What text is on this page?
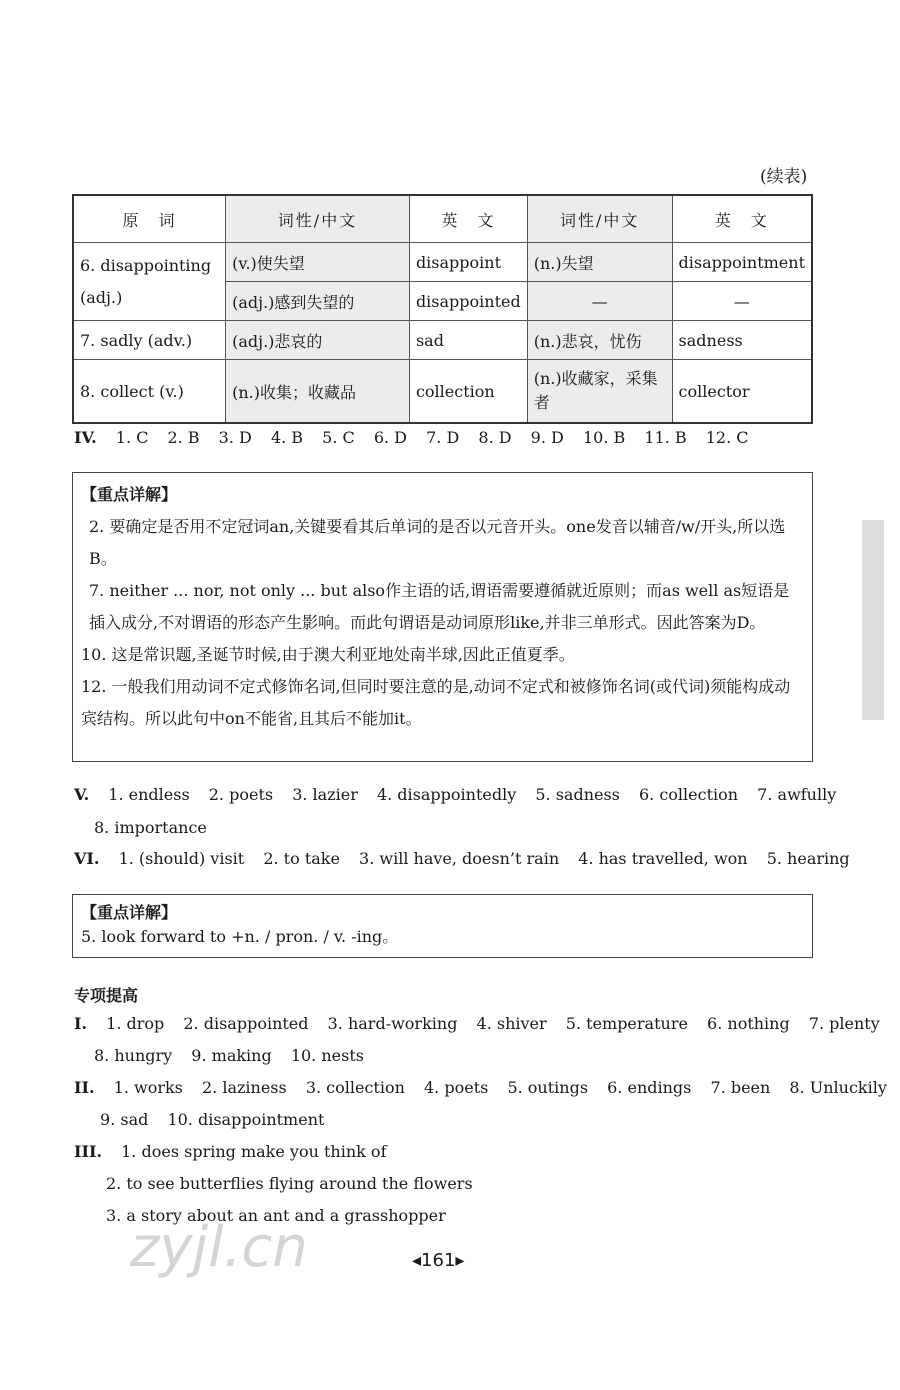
(续表)
原　词	词性/中文	英　文	词性/中文	英　文
6. disappointing (adj.)	(v.)使失望	disappoint	(n.)失望	disappointment
	(adj.)感到失望的	disappointed	—	—
7. sadly (adv.)	(adj.)悲哀的	sad	(n.)悲哀，忧伤	sadness
8. collect (v.)	(n.)收集；收藏品	collection	(n.)收藏家，采集者	collector
IV. 1. C 2. B 3. D 4. B 5. C 6. D 7. D 8. D 9. D 10. B 11. B 12. C
【重点详解】
2. 要确定是否用不定冠词an,关键要看其后单词的是否以元音开头。one发音以辅音/w/开头,所以选B。
7. neither ... nor, not only ... but also作主语的话,谓语需要遵循就近原则；而as well as短语是插入成分,不对谓语的形态产生影响。而此句谓语是动词原形like,并非三单形式。因此答案为D。
10. 这是常识题,圣诞节时候,由于澳大利亚地处南半球,因此正值夏季。
12. 一般我们用动词不定式修饰名词,但同时要注意的是,动词不定式和被修饰名词(或代词)须能构成动宾结构。所以此句中on不能省,且其后不能加it。
V. 1. endless 2. poets 3. lazier 4. disappointedly 5. sadness 6. collection 7. awfully
8. importance
VI. 1. (should) visit 2. to take 3. will have, doesn’t rain 4. has travelled, won 5. hearing
【重点详解】
5. look forward to +n. / pron. / v. -ing。
专项提高
I. 1. drop 2. disappointed 3. hard-working 4. shiver 5. temperature 6. nothing 7. plenty
8. hungry 9. making 10. nests
II. 1. works 2. laziness 3. collection 4. poets 5. outings 6. endings 7. been 8. Unluckily
9. sad 10. disappointment
III. 1. does spring make you think of
2. to see butterflies flying around the flowers
3. a story about an ant and a grasshopper
◂161▸
zyjl.cn
